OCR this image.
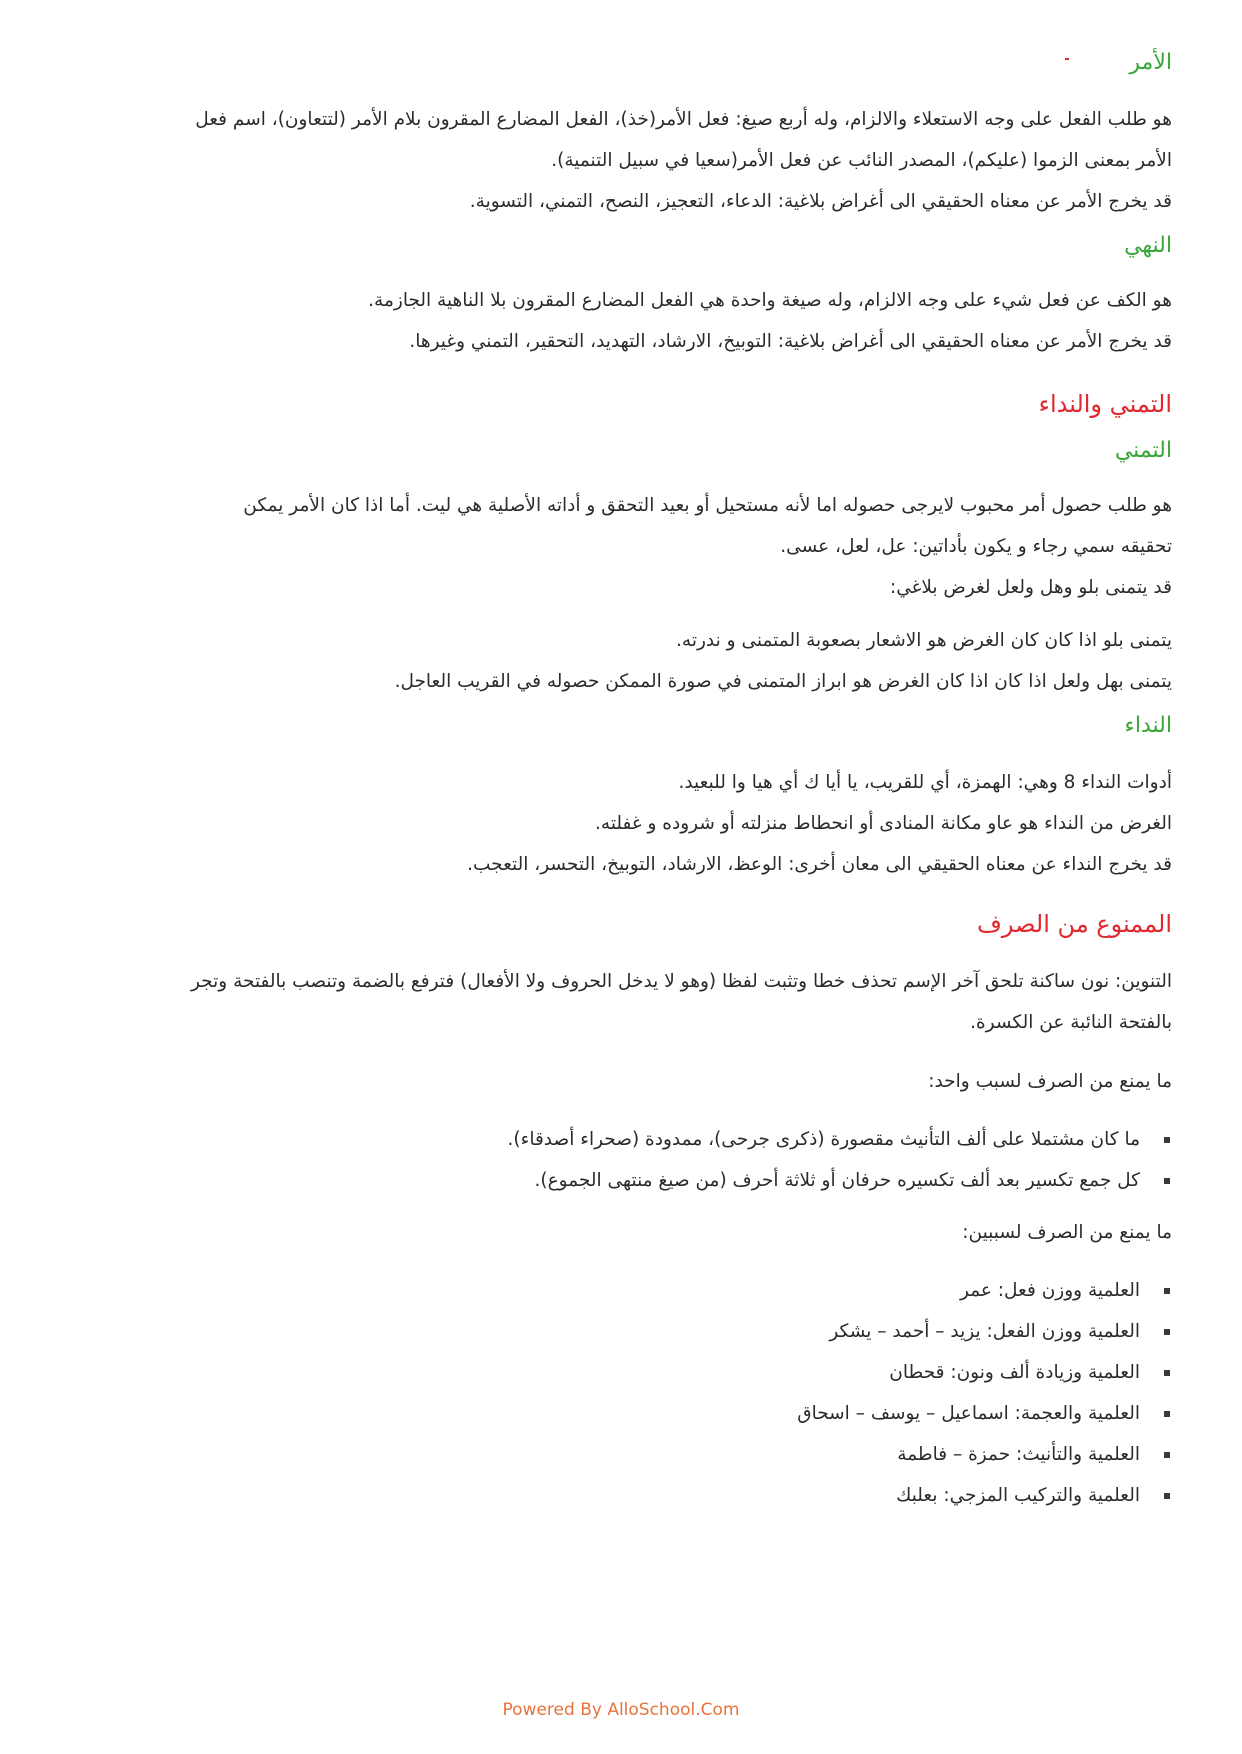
الأمر

هو طلب الفعل على وجه الاستعلاء والالزام، وله أربع صيغ: فعل الأمر(خذ)، الفعل المضارع المقرون بلام الأمر (لتتعاون)، اسم فعل

الأمر بمعنى الزموا (عليكم)، المصدر النائب عن فعل الأمر(سعيا في سبيل التنمية).

قد يخرج الأمر عن معناه الحقيقي الى أغراض بلاغية: الدعاء، التعجيز، النصح، التمني، التسوية.

النهي

هو الكف عن فعل شيء على وجه الالزام، وله صيغة واحدة هي الفعل المضارع المقرون بلا الناهية الجازمة.

قد يخرج الأمر عن معناه الحقيقي الى أغراض بلاغية: التوبيخ، الارشاد، التهديد، التحقير، التمني وغيرها.

التمني والنداء
التمني

هو طلب حصول أمر محبوب لايرجى حصوله اما لأنه مستحيل أو بعيد التحقق و أداته الأصلية هي ليت. أما اذا كان الأمر يمكن

تحقيقه سمي رجاء و يكون بأداتين: عل، لعل، عسى.

قد يتمنى بلو وهل ولعل لغرض بلاغي:

يتمنى بلو اذا كان كان الغرض هو الاشعار بصعوبة المتمنى و ندرته.

يتمنى بهل ولعل اذا كان اذا كان الغرض هو ابراز المتمنى في صورة الممكن حصوله في القريب العاجل.

النداء

أدوات النداء 8 وهي: الهمزة، أي للقريب، يا أيا ك أي هيا وا للبعيد.

الغرض من النداء هو عاو مكانة المنادى أو انحطاط منزلته أو شروده و غفلته.

قد يخرج النداء عن معناه الحقيقي الى معان أخرى: الوعظ، الارشاد، التوبيخ، التحسر، التعجب.

الممنوع من الصرف

التنوين: نون ساكنة تلحق آخر الإسم تحذف خطا وتثبت لفظا (وهو لا يدخل الحروف ولا الأفعال) فترفع بالضمة وتنصب بالفتحة وتجر

بالفتحة النائبة عن الكسرة.

ما يمنع من الصرف لسبب واحد:

ما كان مشتملا على ألف التأنيث مقصورة (ذكرى جرحى)، ممدودة (صحراء أصدقاء).
كل جمع تكسير بعد ألف تكسيره حرفان أو ثلاثة أحرف (من صيغ منتهى الجموع).

ما يمنع من الصرف لسببين:

العلمية ووزن فعل: عمر
العلمية ووزن الفعل: يزيد – أحمد – يشكر
العلمية وزيادة ألف ونون: قحطان
العلمية والعجمة: اسماعيل – يوسف – اسحاق
العلمية والتأنيث: حمزة – فاطمة
العلمية والتركيب المزجي: بعلبك
Powered By AlloSchool.Com
